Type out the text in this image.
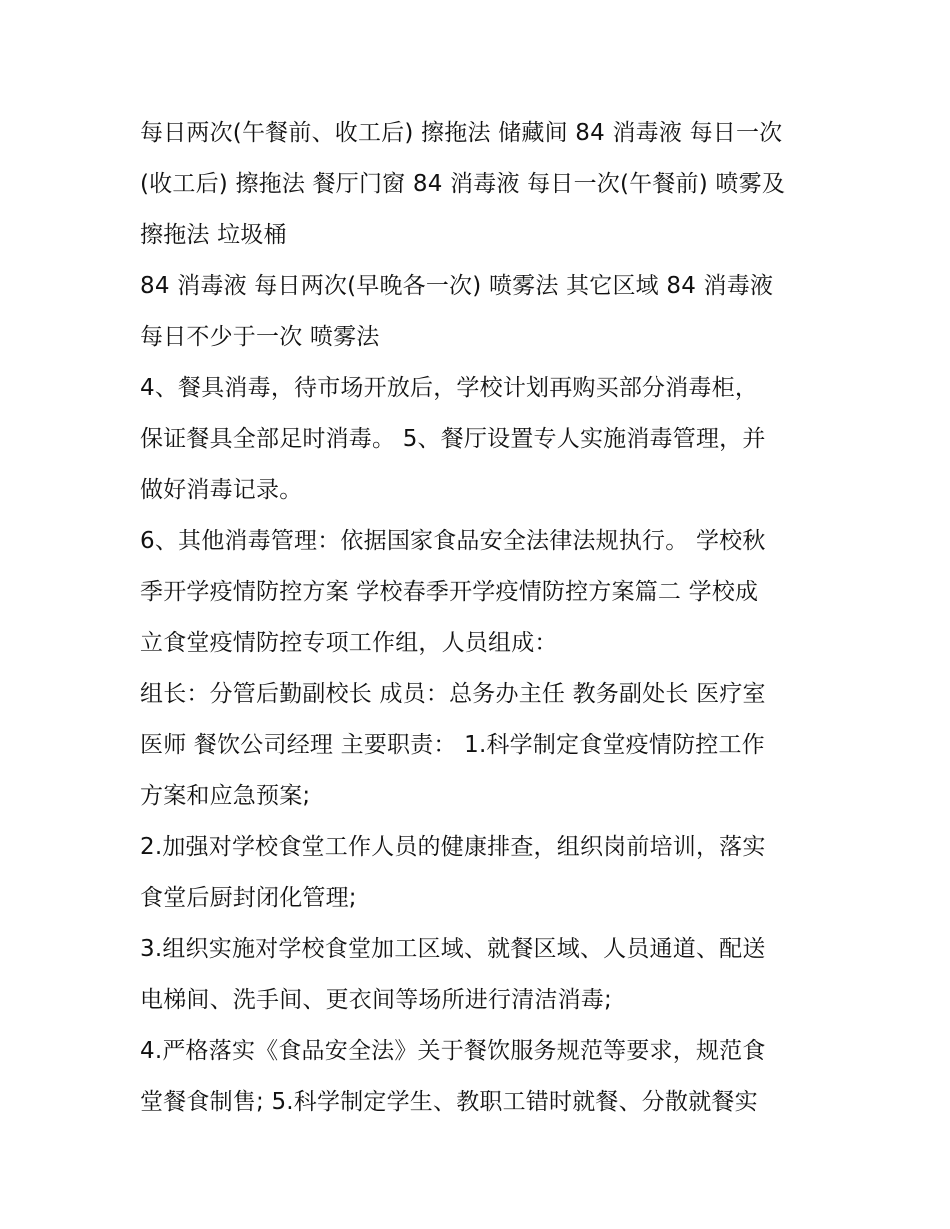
每日两次(午餐前、收工后) 擦拖法 储藏间 84 消毒液 每日一次

(收工后) 擦拖法 餐厅门窗 84 消毒液 每日一次(午餐前) 喷雾及

擦拖法 垃圾桶

84 消毒液 每日两次(早晚各一次) 喷雾法 其它区域 84 消毒液

每日不少于一次 喷雾法

4、餐具消毒，待市场开放后，学校计划再购买部分消毒柜，

保证餐具全部足时消毒。 5、餐厅设置专人实施消毒管理，并

做好消毒记录。

6、其他消毒管理：依据国家食品安全法律法规执行。 学校秋

季开学疫情防控方案 学校春季开学疫情防控方案篇二 学校成

立食堂疫情防控专项工作组，人员组成：

组长：分管后勤副校长 成员：总务办主任 教务副处长 医疗室

医师 餐饮公司经理 主要职责： 1.科学制定食堂疫情防控工作

方案和应急预案;

2.加强对学校食堂工作人员的健康排查，组织岗前培训，落实

食堂后厨封闭化管理;

3.组织实施对学校食堂加工区域、就餐区域、人员通道、配送

电梯间、洗手间、更衣间等场所进行清洁消毒;

4.严格落实《食品安全法》关于餐饮服务规范等要求，规范食

堂餐食制售; 5.科学制定学生、教职工错时就餐、分散就餐实
